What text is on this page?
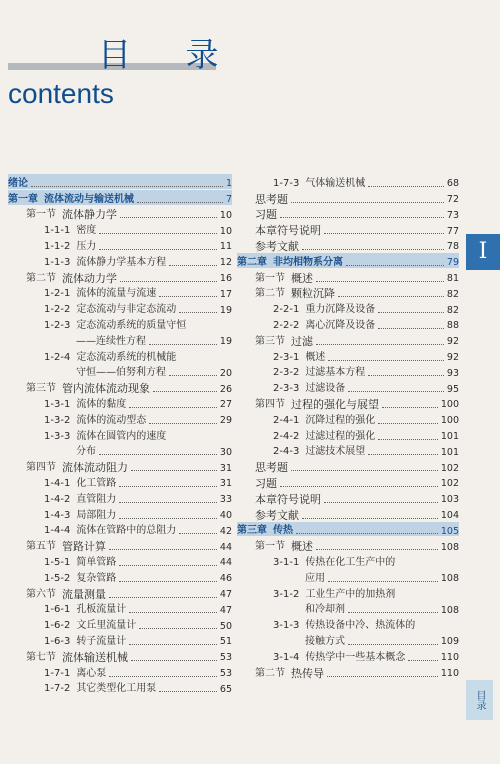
目 录
contents
绪论	1
第一章 流体流动与输送机械	7
第一节 流体静力学	10
1-1-1 密度	10
1-1-2 压力	11
1-1-3 流体静力学基本方程	12
第二节 流体动力学	16
1-2-1 流体的流量与流速	17
1-2-2 定态流动与非定态流动	19
1-2-3 定态流动系统的质量守恒
——连续性方程	19
1-2-4 定态流动系统的机械能
守恒——伯努利方程	20
第三节 管内流体流动现象	26
1-3-1 流体的黏度	27
1-3-2 流体的流动型态	29
1-3-3 流体在圆管内的速度
分布	30
第四节 流体流动阻力	31
1-4-1 化工管路	31
1-4-2 直管阻力	33
1-4-3 局部阻力	40
1-4-4 流体在管路中的总阻力	42
第五节 管路计算	44
1-5-1 简单管路	44
1-5-2 复杂管路	46
第六节 流量测量	47
1-6-1 孔板流量计	47
1-6-2 文丘里流量计	50
1-6-3 转子流量计	51
第七节 流体输送机械	53
1-7-1 离心泵	53
1-7-2 其它类型化工用泵	65
1-7-3 气体输送机械	68
思考题	72
习题	73
本章符号说明	77
参考文献	78
第二章 非均相物系分离	79
第一节 概述	81
第二节 颗粒沉降	82
2-2-1 重力沉降及设备	82
2-2-2 离心沉降及设备	88
第三节 过滤	92
2-3-1 概述	92
2-3-2 过滤基本方程	93
2-3-3 过滤设备	95
第四节 过程的强化与展望	100
2-4-1 沉降过程的强化	100
2-4-2 过滤过程的强化	101
2-4-3 过滤技术展望	101
思考题	102
习题	102
本章符号说明	103
参考文献	104
第三章 传热	105
第一节 概述	108
3-1-1 传热在化工生产中的
应用	108
3-1-2 工业生产中的加热剂
和冷却剂	108
3-1-3 传热设备中冷、热流体的
接触方式	109
3-1-4 传热学中一些基本概念	110
第二节 热传导	110
I
目录
